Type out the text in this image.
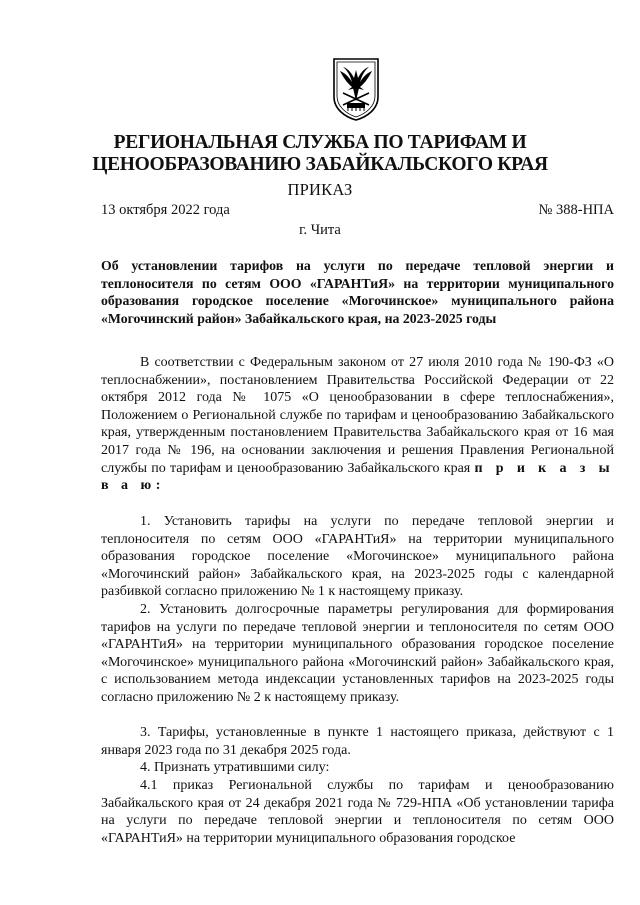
РЕГИОНАЛЬНАЯ СЛУЖБА ПО ТАРИФАМ И
ЦЕНООБРАЗОВАНИЮ ЗАБАЙКАЛЬСКОГО КРАЯ
ПРИКАЗ
13 октября 2022 года	№ 388-НПА
г. Чита
Об установлении тарифов на услуги по передаче тепловой энергии и теплоносителя по сетям ООО «ГАРАНТиЯ» на территории муниципального образования городское поселение «Могочинское» муниципального района «Могочинский район» Забайкальского края, на 2023-2025 годы

В соответствии с Федеральным законом от 27 июля 2010 года № 190-ФЗ «О теплоснабжении», постановлением Правительства Российской Федерации от 22 октября 2012 года № 1075 «О ценообразовании в сфере теплоснабжения», Положением о Региональной службе по тарифам и ценообразованию Забайкальского края, утвержденным постановлением Правительства Забайкальского края от 16 мая 2017 года № 196, на основании заключения и решения Правления Региональной службы по тарифам и ценообразованию Забайкальского края п р и к а з ы в а ю:

1. Установить тарифы на услуги по передаче тепловой энергии и теплоносителя по сетям ООО «ГАРАНТиЯ» на территории муниципального образования городское поселение «Могочинское» муниципального района «Могочинский район» Забайкальского края, на 2023-2025 годы с календарной разбивкой согласно приложению № 1 к настоящему приказу.

2. Установить долгосрочные параметры регулирования для формирования тарифов на услуги по передаче тепловой энергии и теплоносителя по сетям ООО «ГАРАНТиЯ» на территории муниципального образования городское поселение «Могочинское» муниципального района «Могочинский район» Забайкальского края, с использованием метода индексации установленных тарифов на 2023-2025 годы согласно приложению № 2 к настоящему приказу.

3. Тарифы, установленные в пункте 1 настоящего приказа, действуют с 1 января 2023 года по 31 декабря 2025 года.

4. Признать утратившими силу:

4.1 приказ Региональной службы по тарифам и ценообразованию Забайкальского края от 24 декабря 2021 года № 729-НПА «Об установлении тарифа на услуги по передаче тепловой энергии и теплоносителя по сетям ООО «ГАРАНТиЯ» на территории муниципального образования городское
